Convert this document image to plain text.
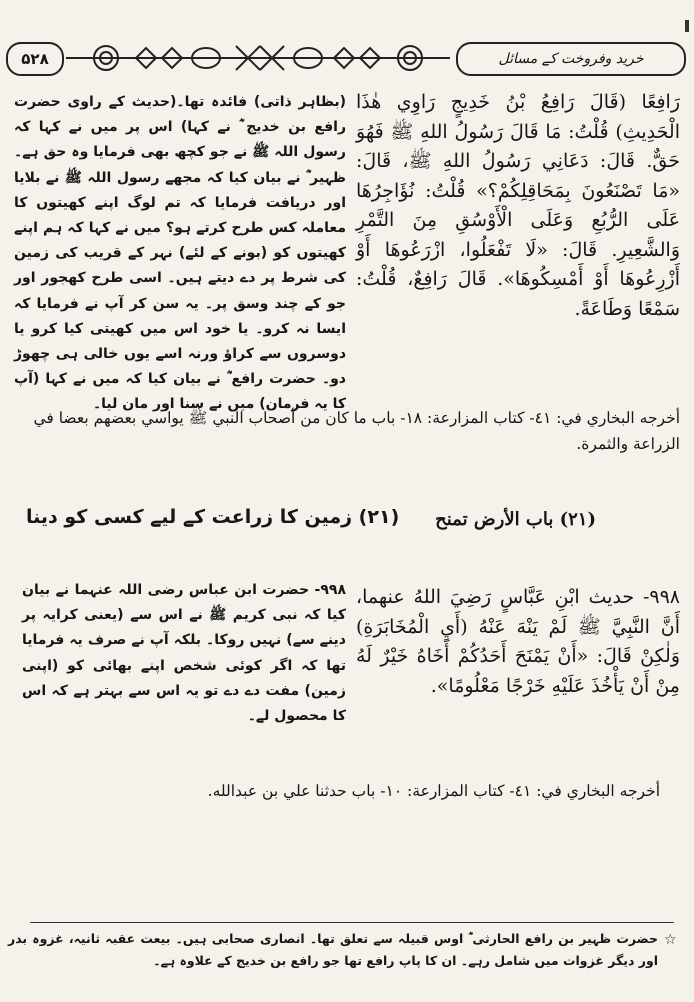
۵۲۸	خرید وفروخت کے مسائل
رَافِعًا (قَالَ رَافِعُ بْنُ خَدِيجٍ رَاوِي هٰذَا الْحَدِيثِ) قُلْتُ: مَا قَالَ رَسُولُ اللهِ ﷺ فَهُوَ حَقٌّ. قَالَ: دَعَانِي رَسُولُ اللهِ ﷺ، قَالَ: «مَا تَصْنَعُونَ بِمَحَاقِلِكُمْ؟» قُلْتُ: نُؤَاجِرُهَا عَلَى الرُّبُعِ وَعَلَى الْأَوْسُقِ مِنَ التَّمْرِ وَالشَّعِيرِ. قَالَ: «لَا تَفْعَلُوا، ازْرَعُوهَا أَوْ أَزْرِعُوهَا أَوْ أَمْسِكُوهَا». قَالَ رَافِعٌ، قُلْتُ: سَمْعًا وَطَاعَةً.
(بظاہر ذاتی) فائدہ تھا۔(حدیث کے راوی حضرت رافع بن خدیج ؓ نے کہا) اس پر میں نے کہا کہ رسول اللہ ﷺ نے جو کچھ بھی فرمایا وہ حق ہے۔ ظہیر ؓ نے بیان کیا کہ مجھے رسول اللہ ﷺ نے بلایا اور دریافت فرمایا کہ تم لوگ اپنے کھیتوں کا معاملہ کس طرح کرتے ہو؟ میں نے کہا کہ ہم اپنے کھیتوں کو (بونے کے لئے) نہر کے قریب کی زمین کی شرط پر دے دیتے ہیں۔ اسی طرح کھجور اور جو کے چند وسق پر۔ یہ سن کر آپ نے فرمایا کہ ایسا نہ کرو۔ یا خود اس میں کھیتی کیا کرو یا دوسروں سے کراؤ ورنہ اسے یوں خالی ہی چھوڑ دو۔ حضرت رافع ؓ نے بیان کیا کہ میں نے کہا (آپ کا یہ فرمان) میں نے سنا اور مان لیا۔
أخرجه البخاري في: ٤١- كتاب المزارعة: ١٨- باب ما كان من أصحاب النبي ﷺ يواسي بعضهم بعضا في الزراعة والثمرة.
(٢١) باب الأرض تمنح
(۲۱) زمین کا زراعت کے لیے کسی کو دینا
٩٩٨- حديث ابْنِ عَبَّاسٍ رَضِيَ اللهُ عنهما، أَنَّ النَّبِيَّ ﷺ لَمْ يَنْهَ عَنْهُ (أَيِ الْمُخَابَرَةِ) وَلٰكِنْ قَالَ: «أَنْ يَمْنَحَ أَحَدُكُمْ أَخَاهُ خَيْرٌ لَهُ مِنْ أَنْ يَأْخُذَ عَلَيْهِ خَرْجًا مَعْلُومًا».
۹۹۸- حضرت ابن عباس رضی اللہ عنہما نے بیان کیا کہ نبی کریم ﷺ نے اس سے (یعنی کرایہ پر دینے سے) نہیں روکا۔ بلکہ آپ نے صرف یہ فرمایا تھا کہ اگر کوئی شخص اپنے بھائی کو (اپنی زمین) مفت دے دے تو یہ اس سے بہتر ہے کہ اس کا محصول لے۔
أخرجه البخاري في: ٤١- كتاب المزارعة: ١٠- باب حدثنا علي بن عبدالله.
☆
حضرت ظہیر بن رافع الحارثی ؓ اوس قبیلہ سے تعلق تھا۔ انصاری صحابی ہیں۔ بیعت عقبہ ثانیہ، غزوہ بدر اور دیگر غزوات میں شامل رہے۔ ان کا پاپ رافع تھا جو رافع بن خدیج کے علاوہ ہے۔
